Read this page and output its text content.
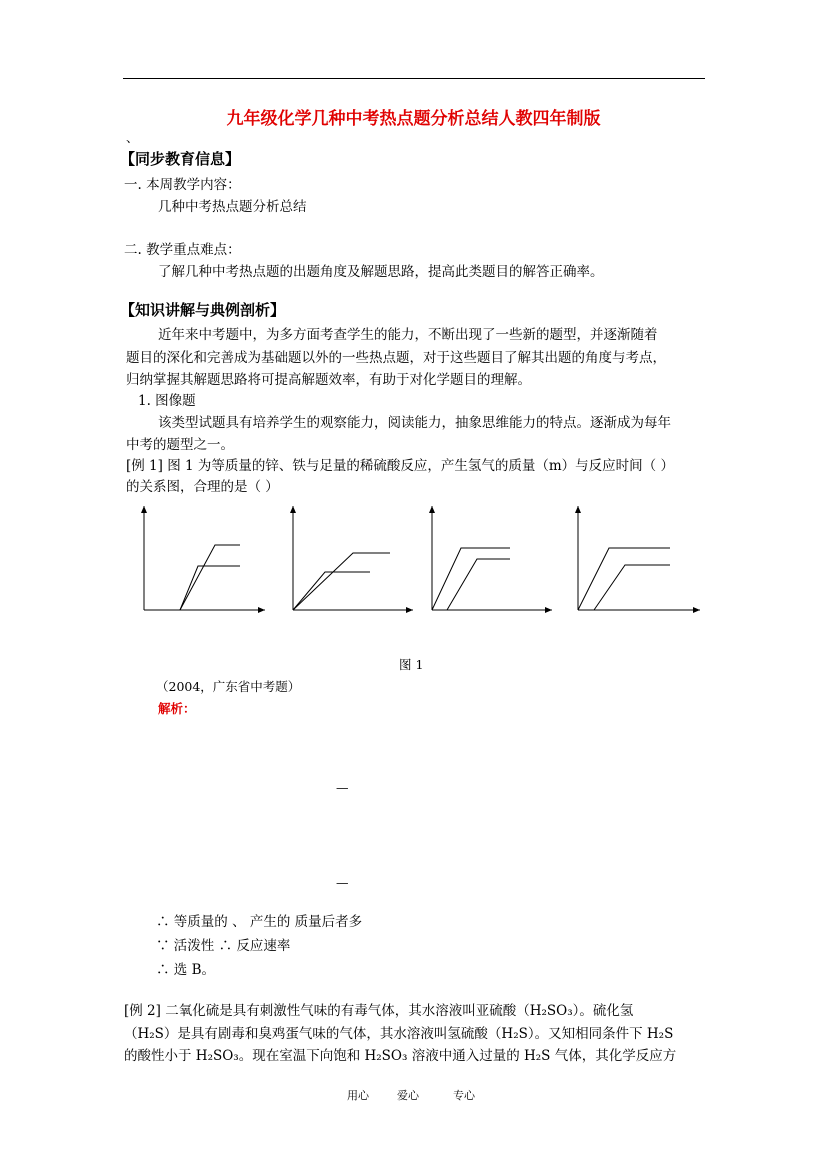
九年级化学几种中考热点题分析总结人教四年制版
、
【同步教育信息】
一. 本周教学内容：
几种中考热点题分析总结
二. 教学重点难点：
了解几种中考热点题的出题角度及解题思路，提高此类题目的解答正确率。
【知识讲解与典例剖析】
近年来中考题中，为多方面考查学生的能力，不断出现了一些新的题型，并逐渐随着
题目的深化和完善成为基础题以外的一些热点题，对于这些题目了解其出题的角度与考点，
归纳掌握其解题思路将可提高解题效率，有助于对化学题目的理解。
1. 图像题
该类型试题具有培养学生的观察能力，阅读能力，抽象思维能力的特点。逐渐成为每年
中考的题型之一。
[例 1] 图 1 为等质量的锌、铁与足量的稀硫酸反应，产生氢气的质量（m）与反应时间（ ）
的关系图，合理的是（ ）
图 1
（2004，广东省中考题）
解析：
—
—
∴ 等质量的 、 产生的 质量后者多
∵ 活泼性 ∴ 反应速率
∴ 选 B。
[例 2] 二氧化硫是具有刺激性气味的有毒气体，其水溶液叫亚硫酸（H₂SO₃）。硫化氢
（H₂S）是具有剧毒和臭鸡蛋气味的气体，其水溶液叫氢硫酸（H₂S）。又知相同条件下 H₂S
的酸性小于 H₂SO₃。现在室温下向饱和 H₂SO₃ 溶液中通入过量的 H₂S 气体，其化学反应方
用心	爱心	专心
